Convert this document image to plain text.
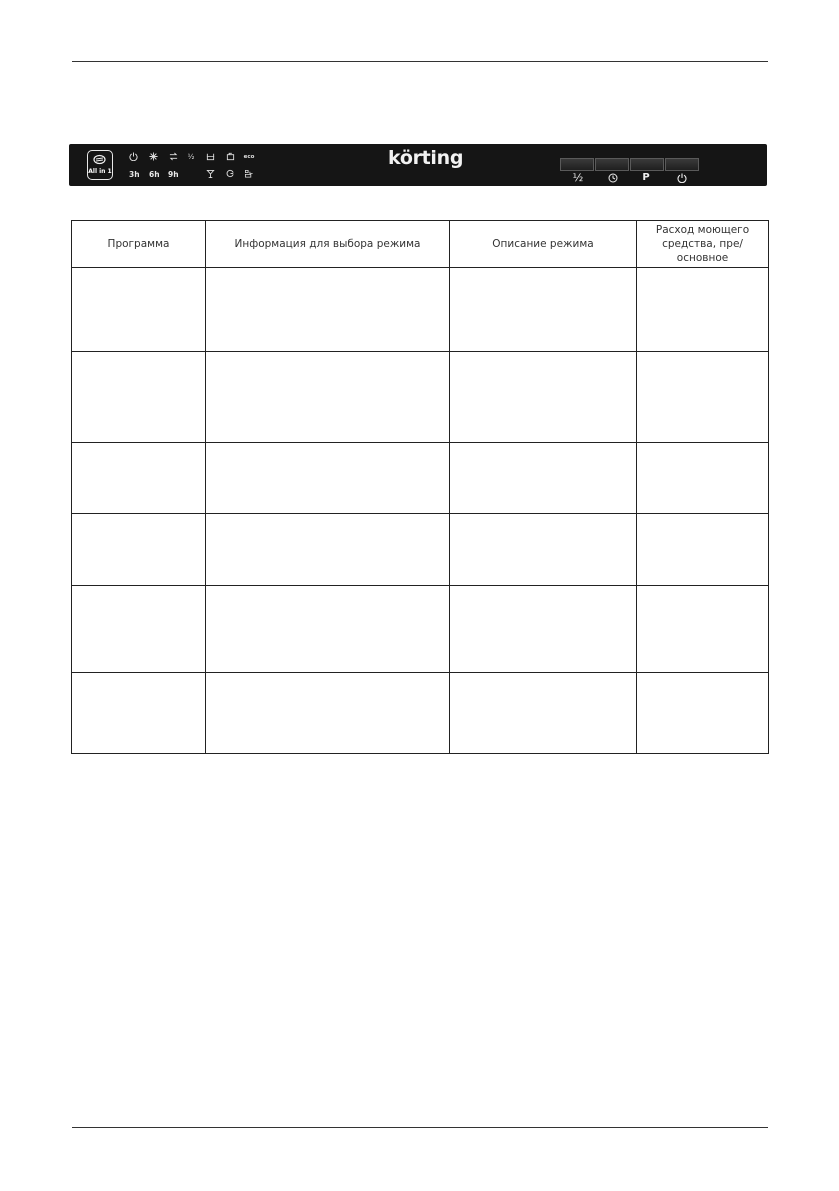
All in 1
½	eco
3h 6h 9h
körting
½	P
Программа	Информация для выбора режима	Описание режима	Расход моющего средства, пре/основное
